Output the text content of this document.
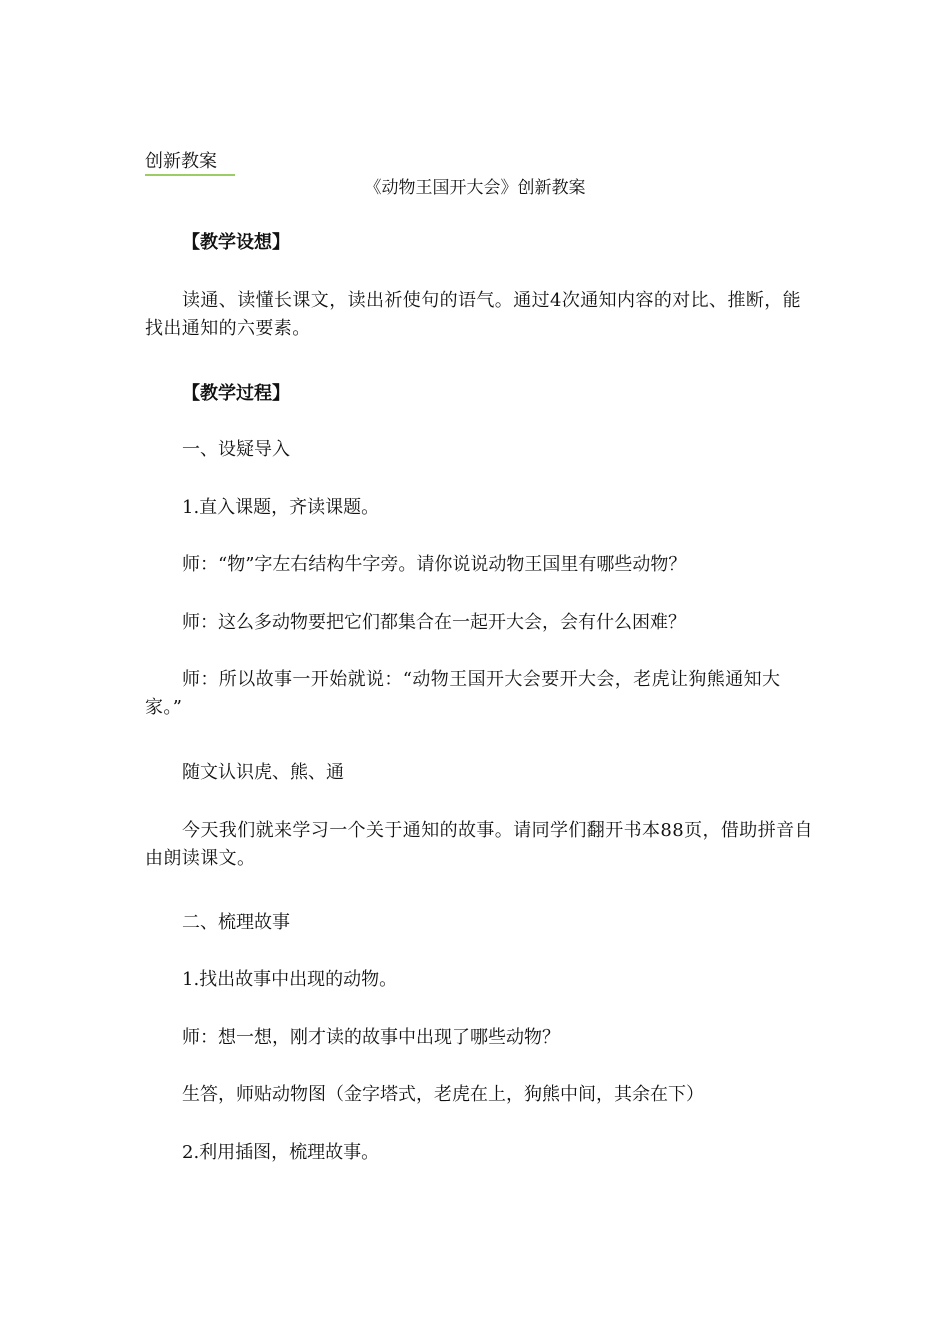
创新教案
《动物王国开大会》创新教案
【教学设想】
读通、读懂长课文，读出祈使句的语气。通过4次通知内容的对比、推断，能找出通知的六要素。
【教学过程】
一、设疑导入
1.直入课题，齐读课题。
师：“物”字左右结构牛字旁。请你说说动物王国里有哪些动物？
师：这么多动物要把它们都集合在一起开大会，会有什么困难？
师：所以故事一开始就说：“动物王国开大会要开大会，老虎让狗熊通知大家。”
随文认识虎、熊、通
今天我们就来学习一个关于通知的故事。请同学们翻开书本88页，借助拼音自由朗读课文。
二、梳理故事
1.找出故事中出现的动物。
师：想一想，刚才读的故事中出现了哪些动物？
生答，师贴动物图（金字塔式，老虎在上，狗熊中间，其余在下）
2.利用插图，梳理故事。
